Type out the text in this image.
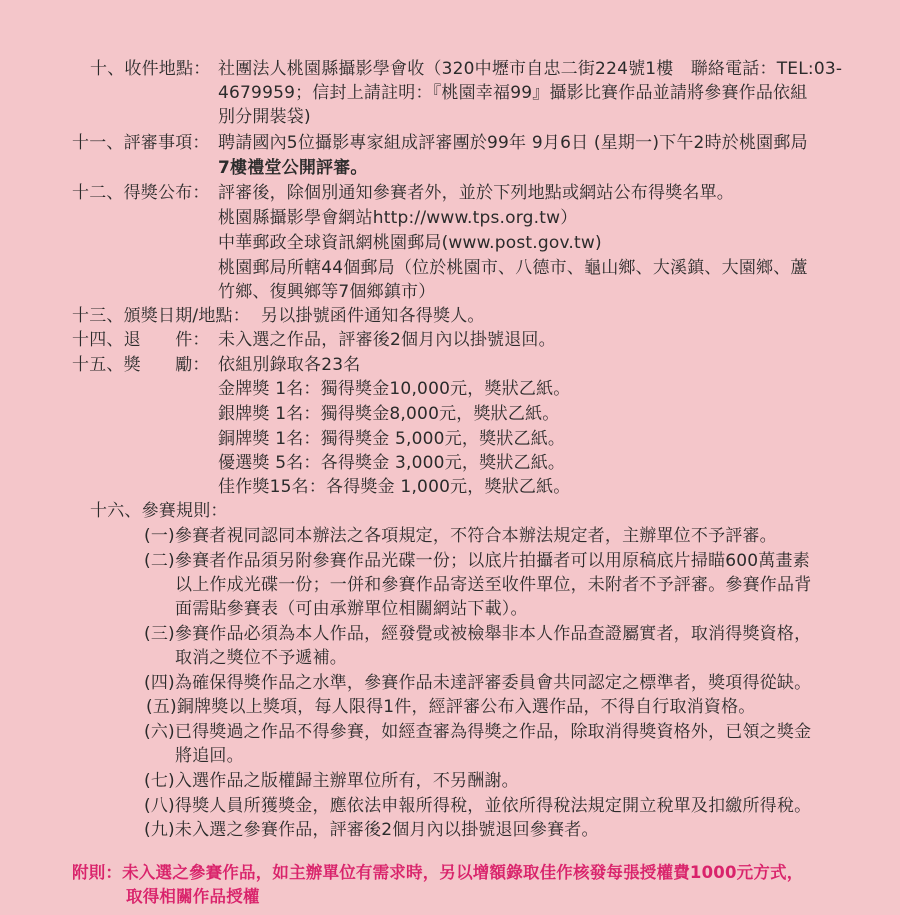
十、收件地點： 社團法人桃園縣攝影學會收（320中壢市自忠二街224號1樓　聯絡電話：TEL:03-
4679959；信封上請註明：『桃園幸福99』攝影比賽作品並請將參賽作品依組
別分開裝袋)
十一、評審事項： 聘請國內5位攝影專家組成評審團於99年 9月6日 (星期一)下午2時於桃園郵局
7樓禮堂公開評審。
十二、得獎公布： 評審後，除個別通知參賽者外，並於下列地點或網站公布得獎名單。
桃園縣攝影學會網站http://www.tps.org.tw）
中華郵政全球資訊網桃園郵局(www.post.gov.tw)
桃園郵局所轄44個郵局（位於桃園市、八德市、龜山鄉、大溪鎮、大園鄉、蘆
竹鄉、復興鄉等7個鄉鎮市）
十三、頒獎日期/地點： 另以掛號函件通知各得獎人。
十四、退　　件： 未入選之作品，評審後2個月內以掛號退回。
十五、獎　　勵： 依組別錄取各23名
金牌獎 1名：獨得獎金10,000元，獎狀乙紙。
銀牌獎 1名：獨得獎金8,000元，獎狀乙紙。
銅牌獎 1名：獨得獎金 5,000元，獎狀乙紙。
優選獎 5名：各得獎金 3,000元，獎狀乙紙。
佳作獎15名：各得獎金 1,000元，獎狀乙紙。
十六、參賽規則：
(一)參賽者視同認同本辦法之各項規定，不符合本辦法規定者，主辦單位不予評審。
(二)參賽者作品須另附參賽作品光碟一份；以底片拍攝者可以用原稿底片掃瞄600萬畫素
以上作成光碟一份；一併和參賽作品寄送至收件單位，未附者不予評審。參賽作品背
面需貼參賽表（可由承辦單位相關網站下載）。
(三)參賽作品必須為本人作品，經發覺或被檢舉非本人作品查證屬實者，取消得獎資格，
取消之獎位不予遞補。
(四)為確保得獎作品之水準，參賽作品未達評審委員會共同認定之標準者，獎項得從缺。
(五)銅牌獎以上獎項，每人限得1件，經評審公布入選作品，不得自行取消資格。
(六)已得獎過之作品不得參賽，如經查審為得獎之作品，除取消得獎資格外，已領之獎金
將追回。
(七)入選作品之版權歸主辦單位所有，不另酬謝。
(八)得獎人員所獲獎金，應依法申報所得稅，並依所得稅法規定開立稅單及扣繳所得稅。
(九)未入選之參賽作品，評審後2個月內以掛號退回參賽者。
附則：未入選之參賽作品，如主辦單位有需求時，另以增額錄取佳作核發每張授權費1000元方式，
取得相關作品授權
